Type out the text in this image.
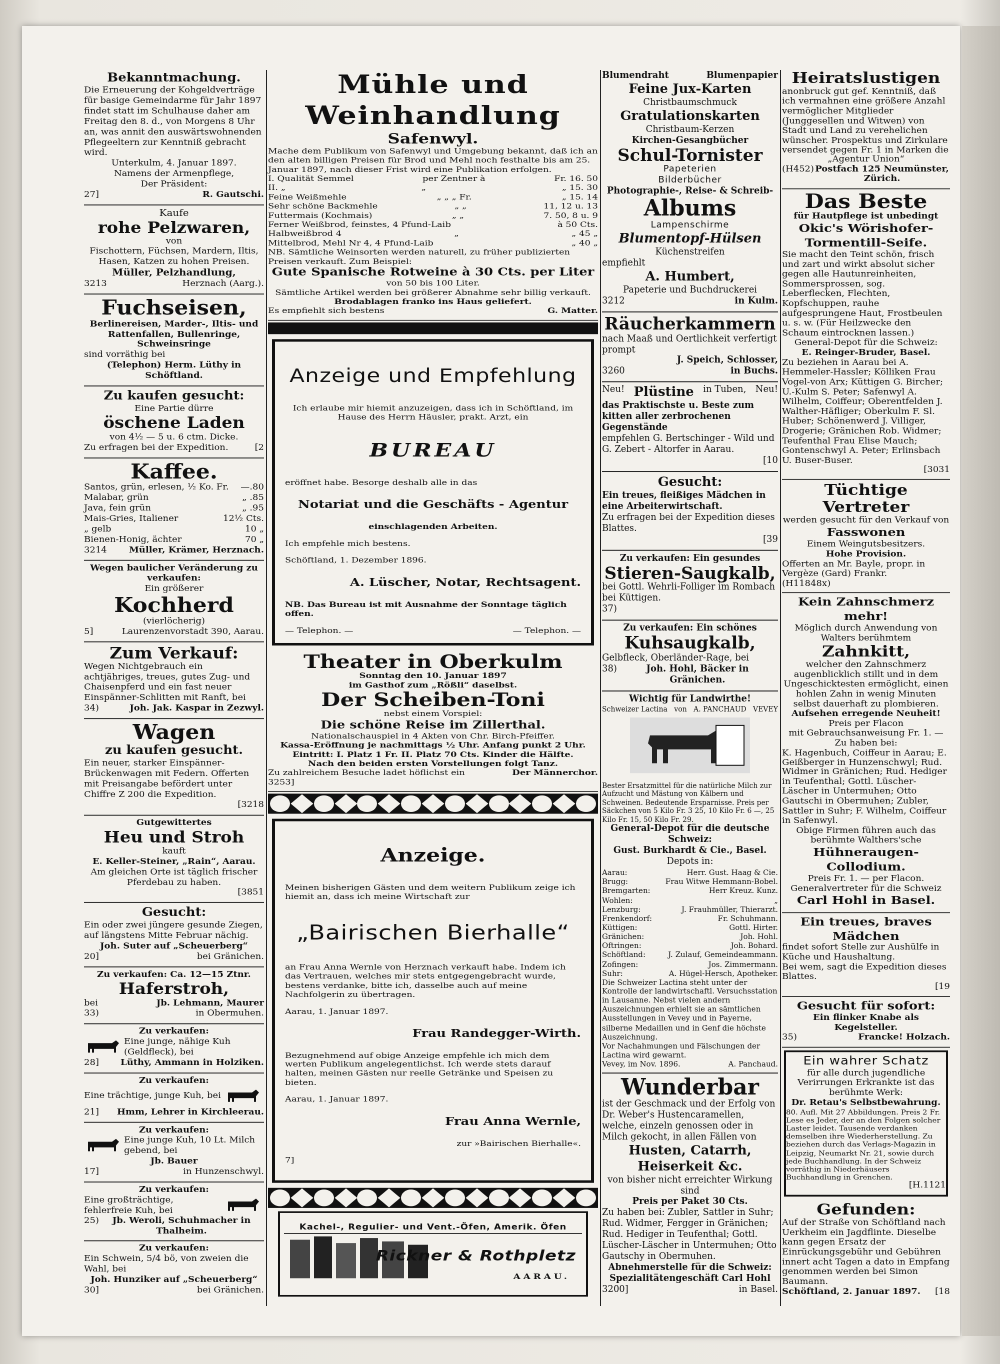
Bekanntmachung.

Die Erneuerung der Kohgeldverträge für basige Gemeindarme für Jahr 1897 findet statt im Schulhause daher am Freitag den 8. d., von Morgens 8 Uhr an, was annit den auswärtswohnenden Pflegeeltern zur Kenntniß gebracht wird.

Unterkulm, 4. Januar 1897.

Namens der Armenpflege,

Der Präsident:

27]	R. Gautschi.

Kaufe

rohe Pelzwaren,

von

Fischottern, Füchsen, Mardern, Iltis, Hasen, Katzen zu hohen Preisen.

Müller, Pelzhandlung,

3213	Herznach (Aarg.).

Fuchseisen,

Berlinereisen, Marder-, Iltis- und Rattenfallen, Bullenringe, Schweinsringe

sind vorräthig bei

(Telephon) Herm. Lüthy in Schöftland.

Zu kaufen gesucht:

Eine Partie dürre

öschene Laden

von 4½ — 5 u. 6 ctm. Dicke.

Zu erfragen bei der Expedition.	[2

Kaffee.

Santos, grün, erlesen, ½ Ko. Fr. —.80
Malabar, grün	„ .85
Java, fein grün	„ .95
Mais-Gries, Italiener	12½ Cts.
„ gelb	10 „
Bienen-Honig, ächter	70 „
3214 Müller, Krämer, Herznach.

Wegen baulicher Veränderung zu verkaufen:

Ein größerer

Kochherd

(vierlöcherig)

5]	Laurenzenvorstadt 390, Aarau.

Zum Verkauf:

Wegen Nichtgebrauch ein achtjähriges, treues, gutes Zug- und Chaisenpferd und ein fast neuer Einspänner-Schlitten mit Ranft, bei

34)	Joh. Jak. Kaspar in Zezwyl.

Wagen

zu kaufen gesucht.

Ein neuer, starker Einspänner-Brückenwagen mit Federn. Offerten mit Preisangabe befördert unter Chiffre Z 200 die Expedition.

[3218

Gutgewittertes

Heu und Stroh

kauft

E. Keller-Steiner, „Rain“, Aarau.

Am gleichen Orte ist täglich frischer Pferdebau zu haben.

[3851

Gesucht:

Ein oder zwei jüngere gesunde Ziegen, auf längstens Mitte Februar nächig.

Joh. Suter auf „Scheuerberg“

20]	bei Gränichen.

Zu verkaufen: Ca. 12—15 Ztnr.

Haferstroh,

bei	Jb. Lehmann, Maurer
33)	in Obermuhen.

Zu verkaufen:

Eine junge, nähige Kuh (Geldfleck), bei

28] Lüthy, Ammann in Holziken.

Zu verkaufen:

Eine trächtige, junge Kuh, bei

21] Hmm, Lehrer in Kirchleerau.

Zu verkaufen:

Eine junge Kuh, 10 Lt. Milch gebend, bei

Jb. Bauer

17]	in Hunzenschwyl.

Zu verkaufen:

Eine großträchtige, fehlerfreie Kuh, bei

25)	Jb. Weroli, Schuhmacher in Thalheim.

Zu verkaufen:

Ein Schwein, 5/4 bö, von zweien die Wahl, bei

Joh. Hunziker auf „Scheuerberg“

30]	bei Gränichen.

Mühle und Weinhandlung

Safenwyl.

Mache dem Publikum von Safenwyl und Umgebung bekannt, daß ich an den alten billigen Preisen für Brod und Mehl noch festhalte bis am 25. Januar 1897, nach dieser Frist wird eine Publikation erfolgen.

I. Qualität Semmel	per Zentner à	Fr. 16. 50
II. „	„	„ 15. 30
Feine Weißmehle	„ „ „ Fr.	„ 15. 14
Sehr schöne Backmehle	„ „	11, 12 u. 13
Futtermais (Kochmais)	„ „	7. 50, 8 u. 9
Ferner Weißbrod, feinstes, 4 Pfund-Laib	à 50 Cts.
Halbweißbrod 4	„	„ 45 „
Mittelbrod, Mehl Nr 4, 4 Pfund-Laib	„ 40 „

NB. Sämtliche Weinsorten werden naturell, zu früher publizierten Preisen verkauft. Zum Beispiel:

Gute Spanische Rotweine à 30 Cts. per Liter

von 50 bis 100 Liter.

Sämtliche Artikel werden bei größerer Abnahme sehr billig verkauft.

Brodablagen franko ins Haus geliefert.

Es empfiehlt sich bestens	G. Matter.

Anzeige und Empfehlung

Ich erlaube mir hiemit anzuzeigen, dass ich in Schöftland, im Hause des Herrn Häusler, prakt. Arzt, ein

BUREAU

eröffnet habe. Besorge deshalb alle in das

Notariat und die Geschäfts - Agentur

einschlagenden Arbeiten.

Ich empfehle mich bestens.

Schöftland, 1. Dezember 1896.

A. Lüscher, Notar, Rechtsagent.

NB. Das Bureau ist mit Ausnahme der Sonntage täglich offen.

— Telephon. —	— Telephon. —

Theater in Oberkulm

Sonntag den 10. Januar 1897

im Gasthof zum „Rößli“ daselbst.

Der Scheiben-Toni

nebst einem Vorspiel:

Die schöne Reise im Zillerthal.

Nationalschauspiel in 4 Akten von Chr. Birch-Pfeiffer.

Kassa-Eröffnung je nachmittags ½ Uhr. Anfang punkt 2 Uhr.

Eintritt: I. Platz 1 Fr. II. Platz 70 Cts. Kinder die Hälfte.

Nach den beiden ersten Vorstellungen folgt Tanz.

Zu zahlreichem Besuche ladet höflichst ein	Der Männerchor.

3253]

Anzeige.

Meinen bisherigen Gästen und dem weitern Publikum zeige ich hiemit an, dass ich meine Wirtschaft zur

„Bairischen Bierhalle“

an Frau Anna Wernle von Herznach verkauft habe. Indem ich das Vertrauen, welches mir stets entgegengebracht wurde, bestens verdanke, bitte ich, dasselbe auch auf meine Nachfolgerin zu übertragen.

Aarau, 1. Januar 1897.

Frau Randegger-Wirth.

Bezugnehmend auf obige Anzeige empfehle ich mich dem werten Publikum angelegentlichst. Ich werde stets darauf halten, meinen Gästen nur reelle Getränke und Speisen zu bieten.

Aarau, 1. Januar 1897.

Frau Anna Wernle,

zur »Bairischen Bierhalle«.

7]

Kachel-, Regulier- und Vent.-Öfen, Amerik. Öfen

Rickner & Rothpletz

AARAU.

Blumendraht	Blumenpapier

Feine Jux-Karten

Christbaumschmuck

Gratulationskarten

Christbaum-Kerzen

Kirchen-Gesangbücher

Schul-Tornister

Papeterien

Bilderbücher

Photographie-, Reise- & Schreib-

Albums

Lampenschirme

Blumentopf-Hülsen

Küchenstreifen

empfiehlt

A. Humbert,

Papeterie und Buchdruckerei

3212	in Kulm.

Räucherkammern

nach Maaß und Oertlichkeit verfertigt prompt

J. Speich, Schlosser,

3260	in Buchs.
Neu! Plüstine in Tuben, Neu!

das Praktischste u. Beste zum kitten aller zerbrochenen Gegenstände

empfehlen G. Bertschinger - Wild und G. Zebert - Altorfer in Aarau.

[10

Gesucht:

Ein treues, fleißiges Mädchen in eine Arbeiterwirtschaft.

Zu erfragen bei der Expedition dieses Blattes.

[39

Zu verkaufen: Ein gesundes

Stieren-Saugkalb,

bei Gottl. Wehrli-Folliger im Rombach bei Küttigen.

37)

Zu verkaufen: Ein schönes

Kuhsaugkalb,

Gelbfleck, Oberländer-Rage, bei

38)	Joh. Hohl, Bäcker in Gränichen.

Wichtig für Landwirthe!

Schweizer Lactina von A. PANCHAUD VEVEY

Bester Ersatzmittel für die natürliche Milch zur Aufzucht und Mästung von Kälbern und Schweinen. Bedeutende Ersparnisse. Preis per Säckchen von 5 Kilo Fr. 3 25, 10 Kilo Fr. 6 —, 25 Kilo Fr. 15, 50 Kilo Fr. 29.

General-Depot für die deutsche Schweiz:

Gust. Burkhardt & Cie., Basel.

Depots in:

Aarau:	Herr. Gust. Haag & Cie.
Brugg:	Frau Witwe Hemmann-Bobel.
Bremgarten:	Herr Kreuz. Kunz.
Wohlen:	„
Lenzburg:	J. Frauhmüller, Thierarzt.
Frenkendorf:	Fr. Schuhmann.
Küttigen:	Gottl. Hirter.
Gränichen:	Joh. Hohl.
Oftringen:	Joh. Bohard.
Schöftland:	J. Zulauf, Gemeindeammann.
Zofingen:	Jos. Zimmermann.
Suhr:	A. Hügel-Hersch, Apotheker.

Die Schweizer Lactina steht unter der Kontrolle der landwirtschaftl. Versuchsstation in Lausanne. Nebst vielen andern Auszeichnungen erhielt sie an sämtlichen Ausstellungen in Vevey und in Payerne, silberne Medaillen und in Genf die höchste Auszeichnung.

Vor Nachahmungen und Fälschungen der Lactina wird gewarnt.

Vevey, im Nov. 1896.	A. Panchaud.

Wunderbar

ist der Geschmack und der Erfolg von Dr. Weber's Hustencaramellen, welche, einzeln genossen oder in Milch gekocht, in allen Fällen von

Husten, Catarrh, Heiserkeit &c.

von bisher nicht erreichter Wirkung sind

Preis per Paket 30 Cts.

Zu haben bei: Zubler, Sattler in Suhr; Rud. Widmer, Fergger in Gränichen; Rud. Hediger in Teufenthal; Gottl. Lüscher-Läscher in Untermuhen; Otto Gautschy in Obermuhen.

Abnehmerstelle für die Schweiz:

Spezialitätengeschäft Carl Hohl

3200]	in Basel.

Heiratslustigen

anonbruck gut gef. Kenntniß, daß ich vermahnen eine größere Anzahl vermöglicher Mitglieder (Junggesellen und Witwen) von Stadt und Land zu verehelichen wünscher. Prospektus und Zirkulare versendet gegen Fr. 1 in Marken die

„Agentur Union“

(H452) Postfach 125 Neumünster, Zürich.

Das Beste

für Hautpflege ist unbedingt

Okic's Wörishofer-Tormentill-Seife.

Sie macht den Teint schön, frisch und zart und wirkt absolut sicher gegen alle Hautunreinheiten, Sommersprossen, sog. Leberflecken, Flechten, Kopfschuppen, rauhe aufgesprungene Haut, Frostbeulen u. s. w. (Für Heilzwecke den Schaum eintrocknen lassen.)

General-Depot für die Schweiz:

E. Reinger-Bruder, Basel.

Zu beziehen in Aarau bei A. Hemmeler-Hassler; Kölliken Frau Vogel-von Arx; Küttigen G. Bircher; U.-Kulm S. Peter; Safenwyl A. Wilhelm, Coiffeur; Oberentfelden J. Walther-Häfliger; Oberkulm F. Sl. Huber; Schönenwerd J. Villiger, Drogerie; Gränichen Rob. Widmer; Teufenthal Frau Elise Mauch; Gontenschwyl A. Peter; Erlinsbach U. Buser-Buser.

[3031

Tüchtige Vertreter

werden gesucht für den Verkauf von

Fasswonen

Einem Weingutsbesitzers.

Hohe Provision.

Offerten an Mr. Bayle, propr. in Vergèze (Gard) Frankr.

(H11848x)

Kein Zahnschmerz mehr!

Möglich durch Anwendung von Walters berühmtem

Zahnkitt,

welcher den Zahnschmerz augenblicklich stillt und in dem Ungeschicktesten ermöglicht, einen hohlen Zahn in wenig Minuten selbst dauerhaft zu plombieren.

Aufsehen erregende Neuheit!

Preis per Flacon

mit Gebrauchsanweisung Fr. 1. —

Zu haben bei:

K. Hagenbuch, Coiffeur in Aarau; E. Geißberger in Hunzenschwyl; Rud. Widmer in Gränichen; Rud. Hediger in Teufenthal; Gottl. Lüscher-Läscher in Untermuhen; Otto Gautschi in Obermuhen; Zubler, Sattler in Suhr; F. Wilhelm, Coiffeur in Safenwyl.

Obige Firmen führen auch das berühmte Walthers'sche

Hühneraugen-Collodium.

Preis Fr. 1. — per Flacon.

Generalvertreter für die Schweiz

Carl Hohl in Basel.

Ein treues, braves Mädchen

findet sofort Stelle zur Aushülfe in Küche und Haushaltung.

Bei wem, sagt die Expedition dieses Blattes.

[19

Gesucht für sofort:

Ein flinker Knabe als Kegelsteller.

35)	Francke! Holzach.

Ein wahrer Schatz

für alle durch jugendliche Verirrungen Erkrankte ist das berühmte Werk:

Dr. Retau's Selbstbewahrung.

80. Aufl. Mit 27 Abbildungen. Preis 2 Fr. Lese es Jeder, der an den Folgen solcher Laster leidet. Tausende verdanken demselben ihre Wiederherstellung. Zu beziehen durch das Verlags-Magazin in Leipzig, Neumarkt Nr. 21, sowie durch jede Buchhandlung. In der Schweiz vorräthig in Niederhäusers Buchhandlung in Grenchen.

[H.1121

Gefunden:

Auf der Straße von Schöftland nach Uerkheim ein Jagdflinte. Dieselbe kann gegen Ersatz der Einrückungsgebühr und Gebühren innert acht Tagen a dato in Empfang genommen werden bei Simon Baumann.

Schöftland, 2. Januar 1897. [18
